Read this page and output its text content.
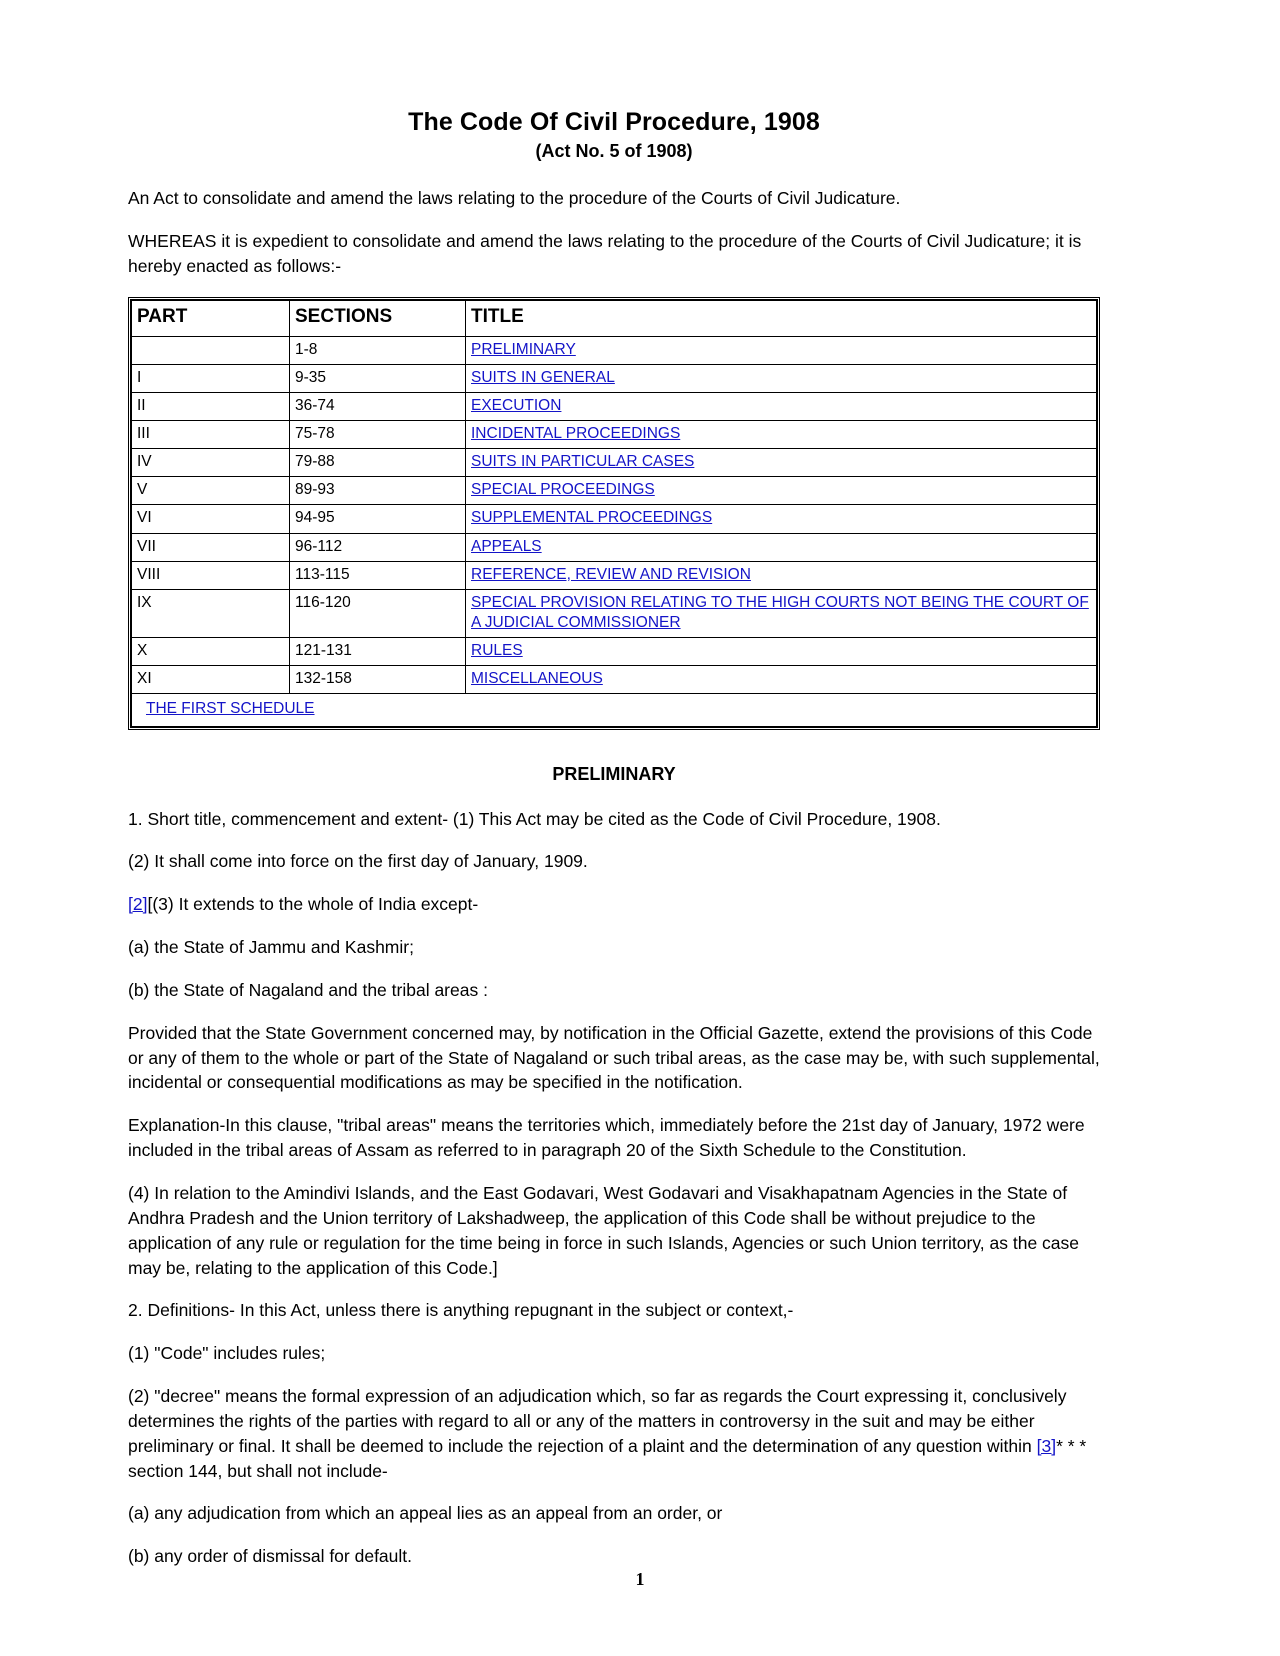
The Code Of Civil Procedure, 1908
(Act No. 5 of 1908)

An Act to consolidate and amend the laws relating to the procedure of the Courts of Civil Judicature.

WHEREAS it is expedient to consolidate and amend the laws relating to the procedure of the Courts of Civil Judicature; it is hereby enacted as follows:-

PART	SECTIONS	TITLE
	1-8	PRELIMINARY
I	9-35	SUITS IN GENERAL
II	36-74	EXECUTION
III	75-78	INCIDENTAL PROCEEDINGS
IV	79-88	SUITS IN PARTICULAR CASES
V	89-93	SPECIAL PROCEEDINGS
VI	94-95	SUPPLEMENTAL PROCEEDINGS
VII	96-112	APPEALS
VIII	113-115	REFERENCE, REVIEW AND REVISION
IX	116-120	SPECIAL PROVISION RELATING TO THE HIGH COURTS NOT BEING THE COURT OF A JUDICIAL COMMISSIONER
X	121-131	RULES
XI	132-158	MISCELLANEOUS
THE FIRST SCHEDULE		
PRELIMINARY

1. Short title, commencement and extent- (1) This Act may be cited as the Code of Civil Procedure, 1908.

(2) It shall come into force on the first day of January, 1909.

[2][(3) It extends to the whole of India except-

(a) the State of Jammu and Kashmir;

(b) the State of Nagaland and the tribal areas :

Provided that the State Government concerned may, by notification in the Official Gazette, extend the provisions of this Code or any of them to the whole or part of the State of Nagaland or such tribal areas, as the case may be, with such supplemental, incidental or consequential modifications as may be specified in the notification.

Explanation-In this clause, "tribal areas" means the territories which, immediately before the 21st day of January, 1972 were included in the tribal areas of Assam as referred to in paragraph 20 of the Sixth Schedule to the Constitution.

(4) In relation to the Amindivi Islands, and the East Godavari, West Godavari and Visakhapatnam Agencies in the State of Andhra Pradesh and the Union territory of Lakshadweep, the application of this Code shall be without prejudice to the application of any rule or regulation for the time being in force in such Islands, Agencies or such Union territory, as the case may be, relating to the application of this Code.]

2. Definitions- In this Act, unless there is anything repugnant in the subject or context,-

(1) "Code" includes rules;

(2) "decree" means the formal expression of an adjudication which, so far as regards the Court expressing it, conclusively determines the rights of the parties with regard to all or any of the matters in controversy in the suit and may be either preliminary or final. It shall be deemed to include the rejection of a plaint and the determination of any question within [3]* * * section 144, but shall not include-

(a) any adjudication from which an appeal lies as an appeal from an order, or

(b) any order of dismissal for default.

1
